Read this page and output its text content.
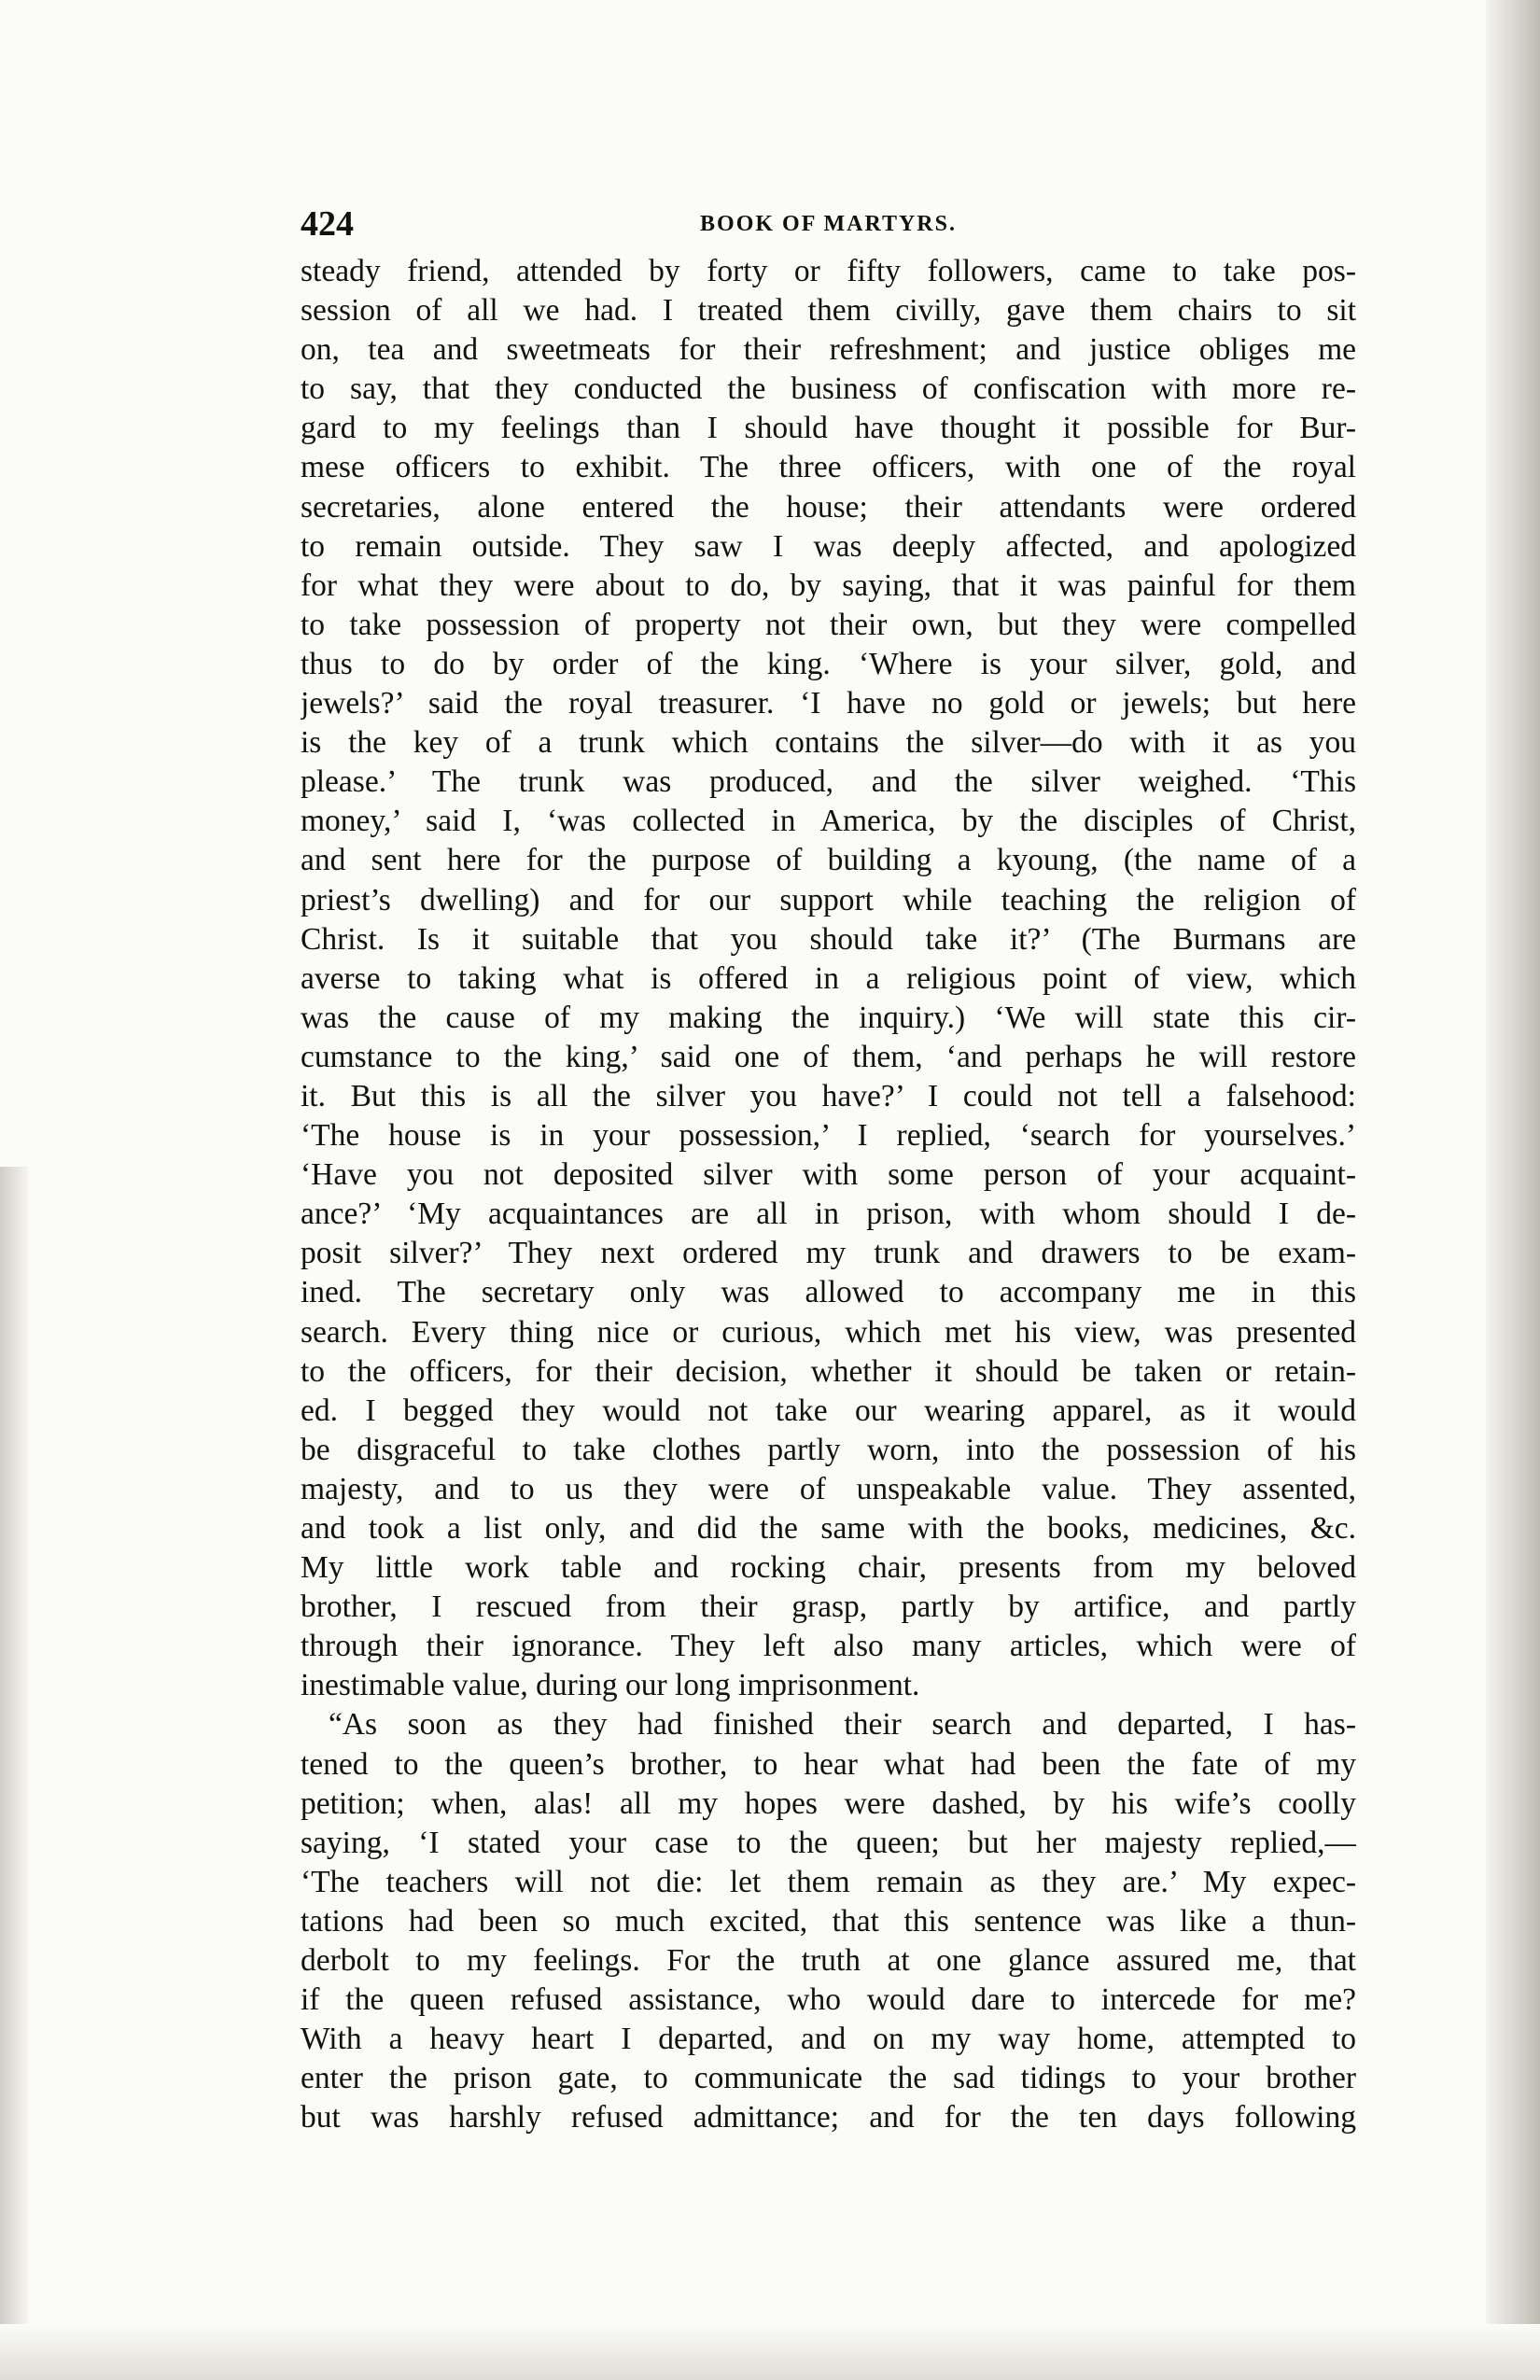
BOOK OF MARTYRS.
424
steady friend, attended by forty or fifty followers, came to take pos-
session of all we had. I treated them civilly, gave them chairs to sit
on, tea and sweetmeats for their refreshment; and justice obliges me
to say, that they conducted the business of confiscation with more re-
gard to my feelings than I should have thought it possible for Bur-
mese officers to exhibit. The three officers, with one of the royal
secretaries, alone entered the house; their attendants were ordered
to remain outside. They saw I was deeply affected, and apologized
for what they were about to do, by saying, that it was painful for them
to take possession of property not their own, but they were compelled
thus to do by order of the king. ‘Where is your silver, gold, and
jewels?’ said the royal treasurer. ‘I have no gold or jewels; but here
is the key of a trunk which contains the silver—do with it as you
please.’ The trunk was produced, and the silver weighed. ‘This
money,’ said I, ‘was collected in America, by the disciples of Christ,
and sent here for the purpose of building a kyoung, (the name of a
priest’s dwelling) and for our support while teaching the religion of
Christ. Is it suitable that you should take it?’ (The Burmans are
averse to taking what is offered in a religious point of view, which
was the cause of my making the inquiry.) ‘We will state this cir-
cumstance to the king,’ said one of them, ‘and perhaps he will restore
it. But this is all the silver you have?’ I could not tell a falsehood:
‘The house is in your possession,’ I replied, ‘search for yourselves.’
‘Have you not deposited silver with some person of your acquaint-
ance?’ ‘My acquaintances are all in prison, with whom should I de-
posit silver?’ They next ordered my trunk and drawers to be exam-
ined. The secretary only was allowed to accompany me in this
search. Every thing nice or curious, which met his view, was presented
to the officers, for their decision, whether it should be taken or retain-
ed. I begged they would not take our wearing apparel, as it would
be disgraceful to take clothes partly worn, into the possession of his
majesty, and to us they were of unspeakable value. They assented,
and took a list only, and did the same with the books, medicines, &c.
My little work table and rocking chair, presents from my beloved
brother, I rescued from their grasp, partly by artifice, and partly
through their ignorance. They left also many articles, which were of
inestimable value, during our long imprisonment.
“As soon as they had finished their search and departed, I has-
tened to the queen’s brother, to hear what had been the fate of my
petition; when, alas! all my hopes were dashed, by his wife’s coolly
saying, ‘I stated your case to the queen; but her majesty replied,—
‘The teachers will not die: let them remain as they are.’ My expec-
tations had been so much excited, that this sentence was like a thun-
derbolt to my feelings. For the truth at one glance assured me, that
if the queen refused assistance, who would dare to intercede for me?
With a heavy heart I departed, and on my way home, attempted to
enter the prison gate, to communicate the sad tidings to your brother
but was harshly refused admittance; and for the ten days following
